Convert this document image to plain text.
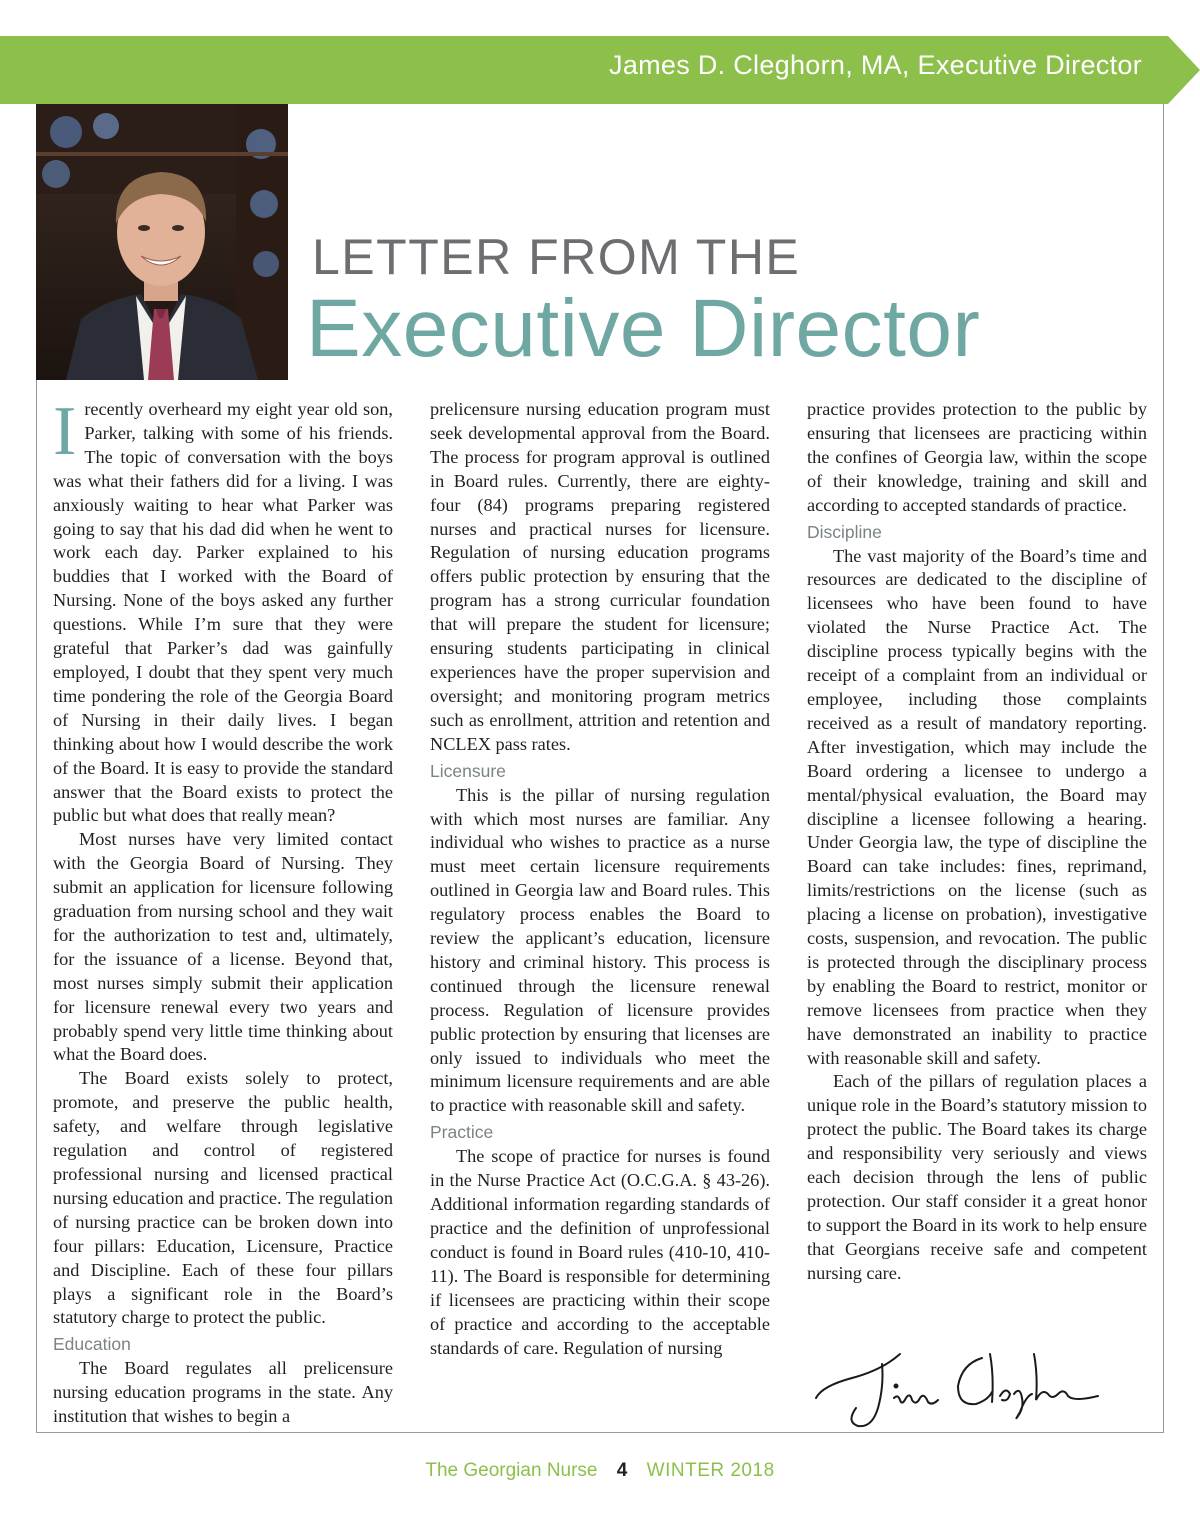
James D. Cleghorn, MA, Executive Director
LETTER FROM THE
Executive Director

Irecently overheard my eight year old son, Parker, talking with some of his friends. The topic of conversation with the boys was what their fathers did for a living. I was anxiously waiting to hear what Parker was going to say that his dad did when he went to work each day. Parker explained to his buddies that I worked with the Board of Nursing. None of the boys asked any further questions. While I’m sure that they were grateful that Parker’s dad was gainfully employed, I doubt that they spent very much time pondering the role of the Georgia Board of Nursing in their daily lives. I began thinking about how I would describe the work of the Board. It is easy to provide the standard answer that the Board exists to protect the public but what does that really mean?

Most nurses have very limited contact with the Georgia Board of Nursing. They submit an application for licensure following graduation from nursing school and they wait for the authorization to test and, ultimately, for the issuance of a license. Beyond that, most nurses simply submit their application for licensure renewal every two years and probably spend very little time thinking about what the Board does.

The Board exists solely to protect, promote, and preserve the public health, safety, and welfare through legislative regulation and control of registered professional nursing and licensed practical nursing education and practice. The regulation of nursing practice can be broken down into four pillars: Education, Licensure, Practice and Discipline. Each of these four pillars plays a significant role in the Board’s statutory charge to protect the public.

Education

The Board regulates all prelicensure nursing education programs in the state. Any institution that wishes to begin a

prelicensure nursing education program must seek developmental approval from the Board. The process for program approval is outlined in Board rules. Currently, there are eighty-four (84) programs preparing registered nurses and practical nurses for licensure. Regulation of nursing education programs offers public protection by ensuring that the program has a strong curricular foundation that will prepare the student for licensure; ensuring students participating in clinical experiences have the proper supervision and oversight; and monitoring program metrics such as enrollment, attrition and retention and NCLEX pass rates.

Licensure

This is the pillar of nursing regulation with which most nurses are familiar. Any individual who wishes to practice as a nurse must meet certain licensure requirements outlined in Georgia law and Board rules. This regulatory process enables the Board to review the applicant’s education, licensure history and criminal history. This process is continued through the licensure renewal process. Regulation of licensure provides public protection by ensuring that licenses are only issued to individuals who meet the minimum licensure requirements and are able to practice with reasonable skill and safety.

Practice

The scope of practice for nurses is found in the Nurse Practice Act (O.C.G.A. § 43-26). Additional information regarding standards of practice and the definition of unprofessional conduct is found in Board rules (410-10, 410-11). The Board is responsible for determining if licensees are practicing within their scope of practice and according to the acceptable standards of care. Regulation of nursing

practice provides protection to the public by ensuring that licensees are practicing within the confines of Georgia law, within the scope of their knowledge, training and skill and according to accepted standards of practice.

Discipline

The vast majority of the Board’s time and resources are dedicated to the discipline of licensees who have been found to have violated the Nurse Practice Act. The discipline process typically begins with the receipt of a complaint from an individual or employee, including those complaints received as a result of mandatory reporting. After investigation, which may include the Board ordering a licensee to undergo a mental/physical evaluation, the Board may discipline a licensee following a hearing. Under Georgia law, the type of discipline the Board can take includes: fines, reprimand, limits/restrictions on the license (such as placing a license on probation), investigative costs, suspension, and revocation. The public is protected through the disciplinary process by enabling the Board to restrict, monitor or remove licensees from practice when they have demonstrated an inability to practice with reasonable skill and safety.

Each of the pillars of regulation places a unique role in the Board’s statutory mission to protect the public. The Board takes its charge and responsibility very seriously and views each decision through the lens of public protection. Our staff consider it a great honor to support the Board in its work to help ensure that Georgians receive safe and competent nursing care.

The Georgian Nurse 4 WINTER 2018
